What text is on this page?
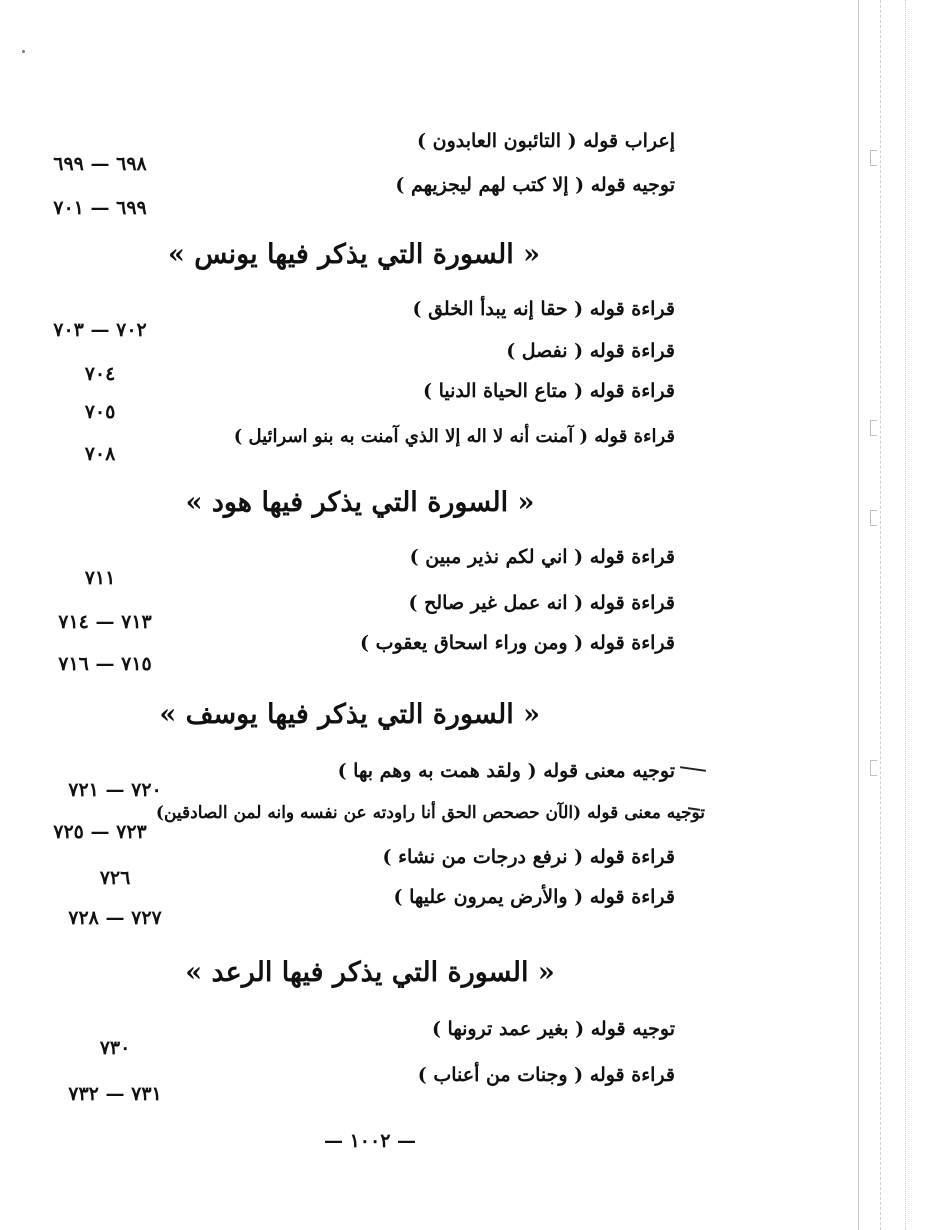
إعراب قوله ( التائبون العابدون )
٦٩٨ — ٦٩٩
توجيه قوله ( إلا كتب لهم ليجزيهم )
٦٩٩ — ٧٠١
« السورة التي يذكر فيها يونس »
قراءة قوله ( حقا إنه يبدأ الخلق )
٧٠٢ — ٧٠٣
قراءة قوله ( نفصل )
٧٠٤
قراءة قوله ( متاع الحياة الدنيا )
٧٠٥
قراءة قوله ( آمنت أنه لا اله إلا الذي آمنت به بنو اسرائيل )
٧٠٨
« السورة التي يذكر فيها هود »
قراءة قوله ( اني لكم نذير مبين )
٧١١
قراءة قوله ( انه عمل غير صالح )
٧١٣ — ٧١٤
قراءة قوله ( ومن وراء اسحاق يعقوب )
٧١٥ — ٧١٦
« السورة التي يذكر فيها يوسف »
توجيه معنى قوله ( ولقد همت به وهم بها )
٧٢٠ — ٧٢١
توجيه معنى قوله (الآن حصحص الحق أنا راودته عن نفسه وانه لمن الصادقين)
٧٢٣ — ٧٢٥
قراءة قوله ( نرفع درجات من نشاء )
٧٢٦
قراءة قوله ( والأرض يمرون عليها )
٧٢٧ — ٧٢٨
« السورة التي يذكر فيها الرعد »
توجيه قوله ( بغير عمد ترونها )
٧٣٠
قراءة قوله ( وجنات من أعناب )
٧٣١ — ٧٣٢
— ١٠٠٢ —
